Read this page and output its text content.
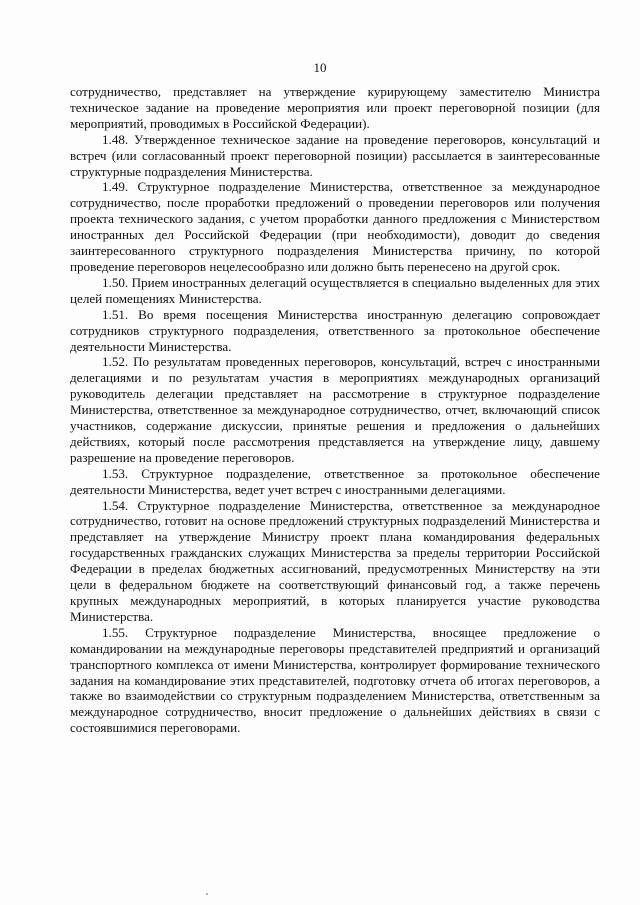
10

сотрудничество, представляет на утверждение курирующему заместителю Министра техническое задание на проведение мероприятия или проект переговорной позиции (для мероприятий, проводимых в Российской Федерации).

1.48. Утвержденное техническое задание на проведение переговоров, консультаций и встреч (или согласованный проект переговорной позиции) рассылается в заинтересованные структурные подразделения Министерства.

1.49. Структурное подразделение Министерства, ответственное за международное сотрудничество, после проработки предложений о проведении переговоров или получения проекта технического задания, с учетом проработки данного предложения с Министерством иностранных дел Российской Федерации (при необходимости), доводит до сведения заинтересованного структурного подразделения Министерства причину, по которой проведение переговоров нецелесообразно или должно быть перенесено на другой срок.

1.50. Прием иностранных делегаций осуществляется в специально выделенных для этих целей помещениях Министерства.

1.51. Во время посещения Министерства иностранную делегацию сопровождает сотрудников структурного подразделения, ответственного за протокольное обеспечение деятельности Министерства.

1.52. По результатам проведенных переговоров, консультаций, встреч с иностранными делегациями и по результатам участия в мероприятиях международных организаций руководитель делегации представляет на рассмотрение в структурное подразделение Министерства, ответственное за международное сотрудничество, отчет, включающий список участников, содержание дискуссии, принятые решения и предложения о дальнейших действиях, который после рассмотрения представляется на утверждение лицу, давшему разрешение на проведение переговоров.

1.53. Структурное подразделение, ответственное за протокольное обеспечение деятельности Министерства, ведет учет встреч с иностранными делегациями.

1.54. Структурное подразделение Министерства, ответственное за международное сотрудничество, готовит на основе предложений структурных подразделений Министерства и представляет на утверждение Министру проект плана командирования федеральных государственных гражданских служащих Министерства за пределы территории Российской Федерации в пределах бюджетных ассигнований, предусмотренных Министерству на эти цели в федеральном бюджете на соответствующий финансовый год, а также перечень крупных международных мероприятий, в которых планируется участие руководства Министерства.

1.55. Структурное подразделение Министерства, вносящее предложение о командировании на международные переговоры представителей предприятий и организаций транспортного комплекса от имени Министерства, контролирует формирование технического задания на командирование этих представителей, подготовку отчета об итогах переговоров, а также во взаимодействии со структурным подразделением Министерства, ответственным за международное сотрудничество, вносит предложение о дальнейших действиях в связи с состоявшимися переговорами.
